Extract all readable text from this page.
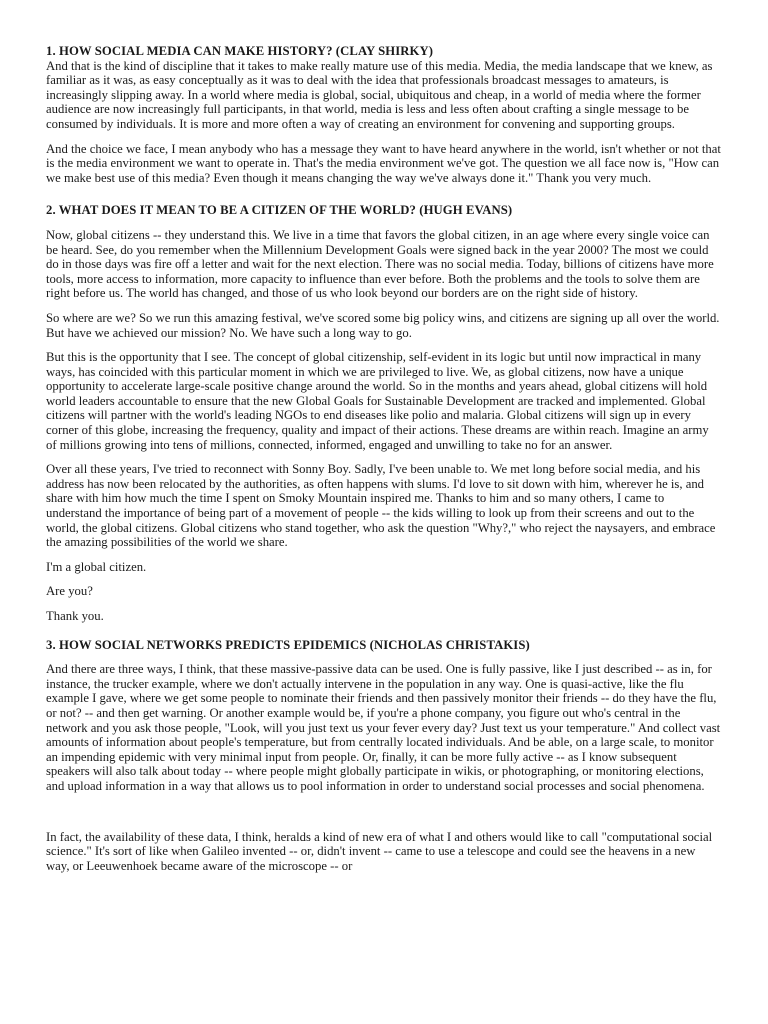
1. HOW SOCIAL MEDIA CAN MAKE HISTORY? (CLAY SHIRKY)

And that is the kind of discipline that it takes to make really mature use of this media. Media, the media landscape that we knew, as familiar as it was, as easy conceptually as it was to deal with the idea that professionals broadcast messages to amateurs, is increasingly slipping away. In a world where media is global, social, ubiquitous and cheap, in a world of media where the former audience are now increasingly full participants, in that world, media is less and less often about crafting a single message to be consumed by individuals. It is more and more often a way of creating an environment for convening and supporting groups.

And the choice we face, I mean anybody who has a message they want to have heard anywhere in the world, isn't whether or not that is the media environment we want to operate in. That's the media environment we've got. The question we all face now is, "How can we make best use of this media? Even though it means changing the way we've always done it." Thank you very much.

2. WHAT DOES IT MEAN TO BE A CITIZEN OF THE WORLD? (HUGH EVANS)

Now, global citizens -- they understand this. We live in a time that favors the global citizen, in an age where every single voice can be heard. See, do you remember when the Millennium Development Goals were signed back in the year 2000? The most we could do in those days was fire off a letter and wait for the next election. There was no social media. Today, billions of citizens have more tools, more access to information, more capacity to influence than ever before. Both the problems and the tools to solve them are right before us. The world has changed, and those of us who look beyond our borders are on the right side of history.

So where are we? So we run this amazing festival, we've scored some big policy wins, and citizens are signing up all over the world. But have we achieved our mission? No. We have such a long way to go.

But this is the opportunity that I see. The concept of global citizenship, self-evident in its logic but until now impractical in many ways, has coincided with this particular moment in which we are privileged to live. We, as global citizens, now have a unique opportunity to accelerate large-scale positive change around the world. So in the months and years ahead, global citizens will hold world leaders accountable to ensure that the new Global Goals for Sustainable Development are tracked and implemented. Global citizens will partner with the world's leading NGOs to end diseases like polio and malaria. Global citizens will sign up in every corner of this globe, increasing the frequency, quality and impact of their actions. These dreams are within reach. Imagine an army of millions growing into tens of millions, connected, informed, engaged and unwilling to take no for an answer.

Over all these years, I've tried to reconnect with Sonny Boy. Sadly, I've been unable to. We met long before social media, and his address has now been relocated by the authorities, as often happens with slums. I'd love to sit down with him, wherever he is, and share with him how much the time I spent on Smoky Mountain inspired me. Thanks to him and so many others, I came to understand the importance of being part of a movement of people -- the kids willing to look up from their screens and out to the world, the global citizens. Global citizens who stand together, who ask the question "Why?," who reject the naysayers, and embrace the amazing possibilities of the world we share.

I'm a global citizen.

Are you?

Thank you.

3. HOW SOCIAL NETWORKS PREDICTS EPIDEMICS (NICHOLAS CHRISTAKIS)

And there are three ways, I think, that these massive-passive data can be used. One is fully passive, like I just described -- as in, for instance, the trucker example, where we don't actually intervene in the population in any way. One is quasi-active, like the flu example I gave, where we get some people to nominate their friends and then passively monitor their friends -- do they have the flu, or not? -- and then get warning. Or another example would be, if you're a phone company, you figure out who's central in the network and you ask those people, "Look, will you just text us your fever every day? Just text us your temperature." And collect vast amounts of information about people's temperature, but from centrally located individuals. And be able, on a large scale, to monitor an impending epidemic with very minimal input from people. Or, finally, it can be more fully active -- as I know subsequent speakers will also talk about today -- where people might globally participate in wikis, or photographing, or monitoring elections, and upload information in a way that allows us to pool information in order to understand social processes and social phenomena.

In fact, the availability of these data, I think, heralds a kind of new era of what I and others would like to call "computational social science." It's sort of like when Galileo invented -- or, didn't invent -- came to use a telescope and could see the heavens in a new way, or Leeuwenhoek became aware of the microscope -- or
